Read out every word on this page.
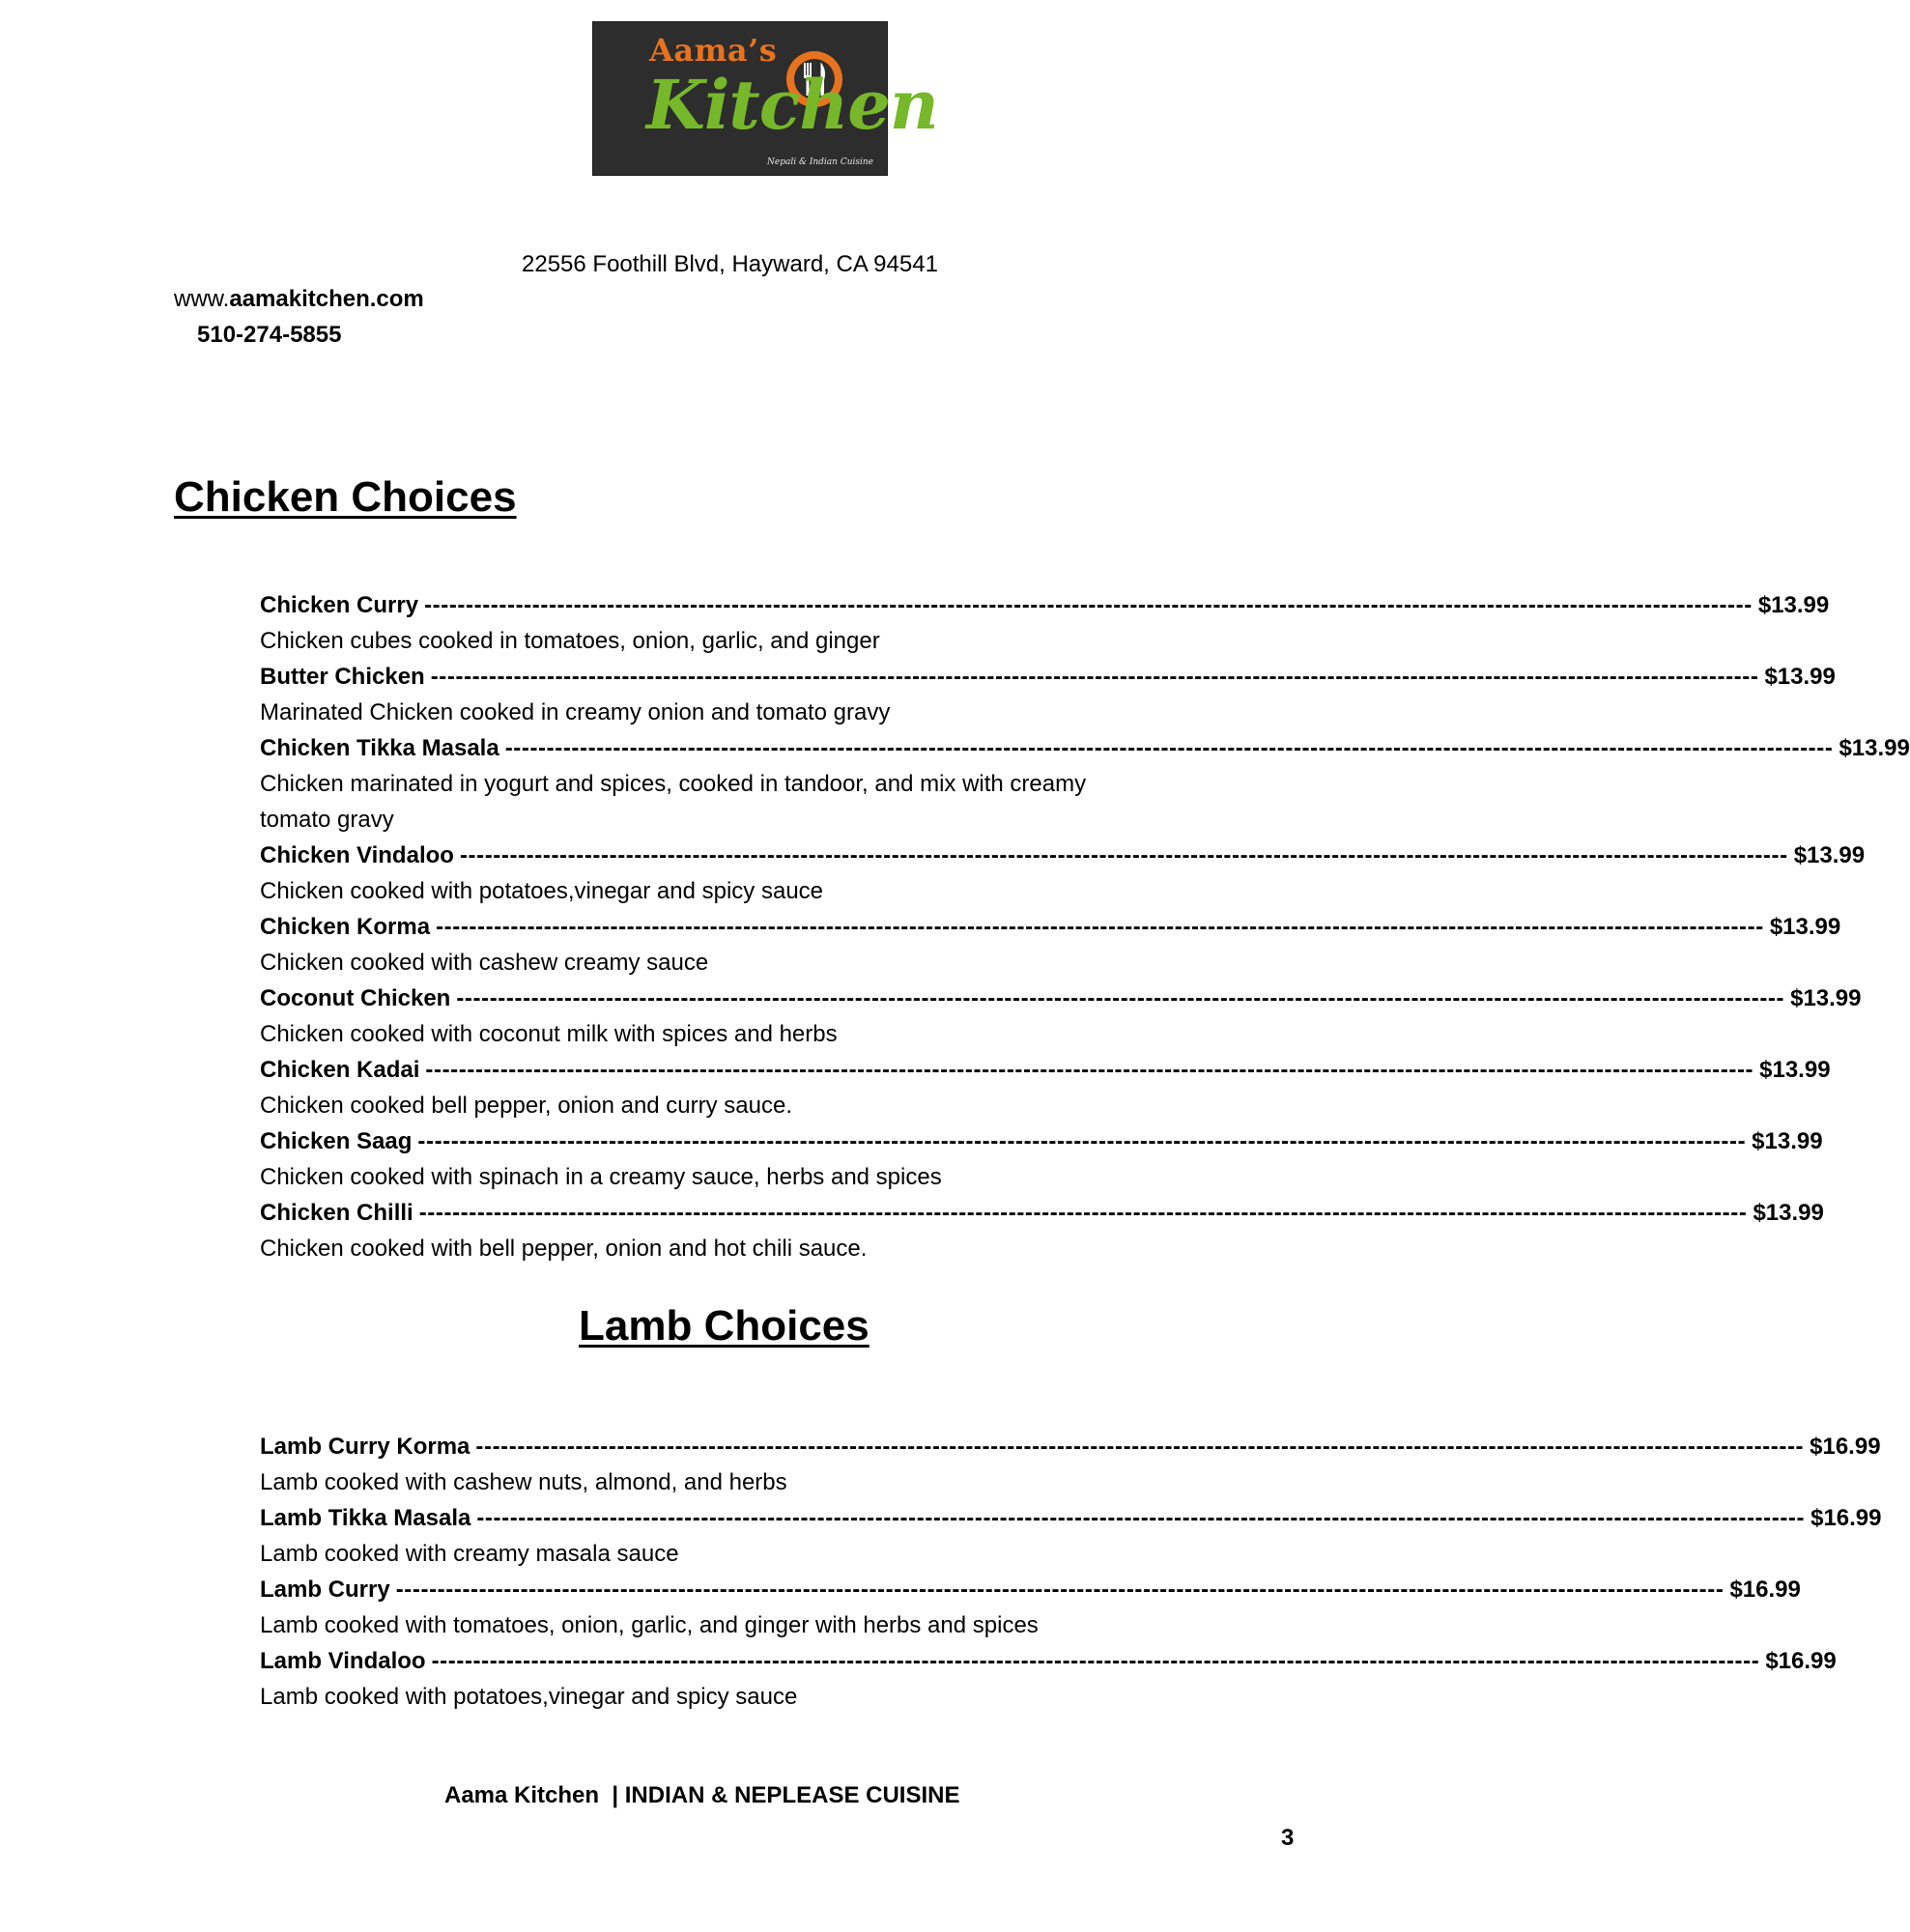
Aama’s
Kitchen
Nepali & Indian Cuisine
22556 Foothill Blvd, Hayward, CA 94541
www.aamakitchen.com
510-274-5855
Chicken Choices
Chicken Curry ---------------------------------------------------------------------------------------------------------------------------------------------------------------- $13.99

Chicken cubes cooked in tomatoes, onion, garlic, and ginger

Butter Chicken ---------------------------------------------------------------------------------------------------------------------------------------------------------------- $13.99

Marinated Chicken cooked in creamy onion and tomato gravy

Chicken Tikka Masala ---------------------------------------------------------------------------------------------------------------------------------------------------------------- $13.99

Chicken marinated in yogurt and spices, cooked in tandoor, and mix with creamy tomato gravy

Chicken Vindaloo ---------------------------------------------------------------------------------------------------------------------------------------------------------------- $13.99

Chicken cooked with potatoes,vinegar and spicy sauce

Chicken Korma ---------------------------------------------------------------------------------------------------------------------------------------------------------------- $13.99

Chicken cooked with cashew creamy sauce

Coconut Chicken ---------------------------------------------------------------------------------------------------------------------------------------------------------------- $13.99

Chicken cooked with coconut milk with spices and herbs

Chicken Kadai ---------------------------------------------------------------------------------------------------------------------------------------------------------------- $13.99

Chicken cooked bell pepper, onion and curry sauce.

Chicken Saag ---------------------------------------------------------------------------------------------------------------------------------------------------------------- $13.99

Chicken cooked with spinach in a creamy sauce, herbs and spices

Chicken Chilli ---------------------------------------------------------------------------------------------------------------------------------------------------------------- $13.99

Chicken cooked with bell pepper, onion and hot chili sauce.

Lamb Choices
Lamb Curry Korma ---------------------------------------------------------------------------------------------------------------------------------------------------------------- $16.99

Lamb cooked with cashew nuts, almond, and herbs

Lamb Tikka Masala ---------------------------------------------------------------------------------------------------------------------------------------------------------------- $16.99

Lamb cooked with creamy masala sauce

Lamb Curry ---------------------------------------------------------------------------------------------------------------------------------------------------------------- $16.99

Lamb cooked with tomatoes, onion, garlic, and ginger with herbs and spices

Lamb Vindaloo ---------------------------------------------------------------------------------------------------------------------------------------------------------------- $16.99

Lamb cooked with potatoes,vinegar and spicy sauce

Aama Kitchen  | INDIAN & NEPLEASE CUISINE
3
